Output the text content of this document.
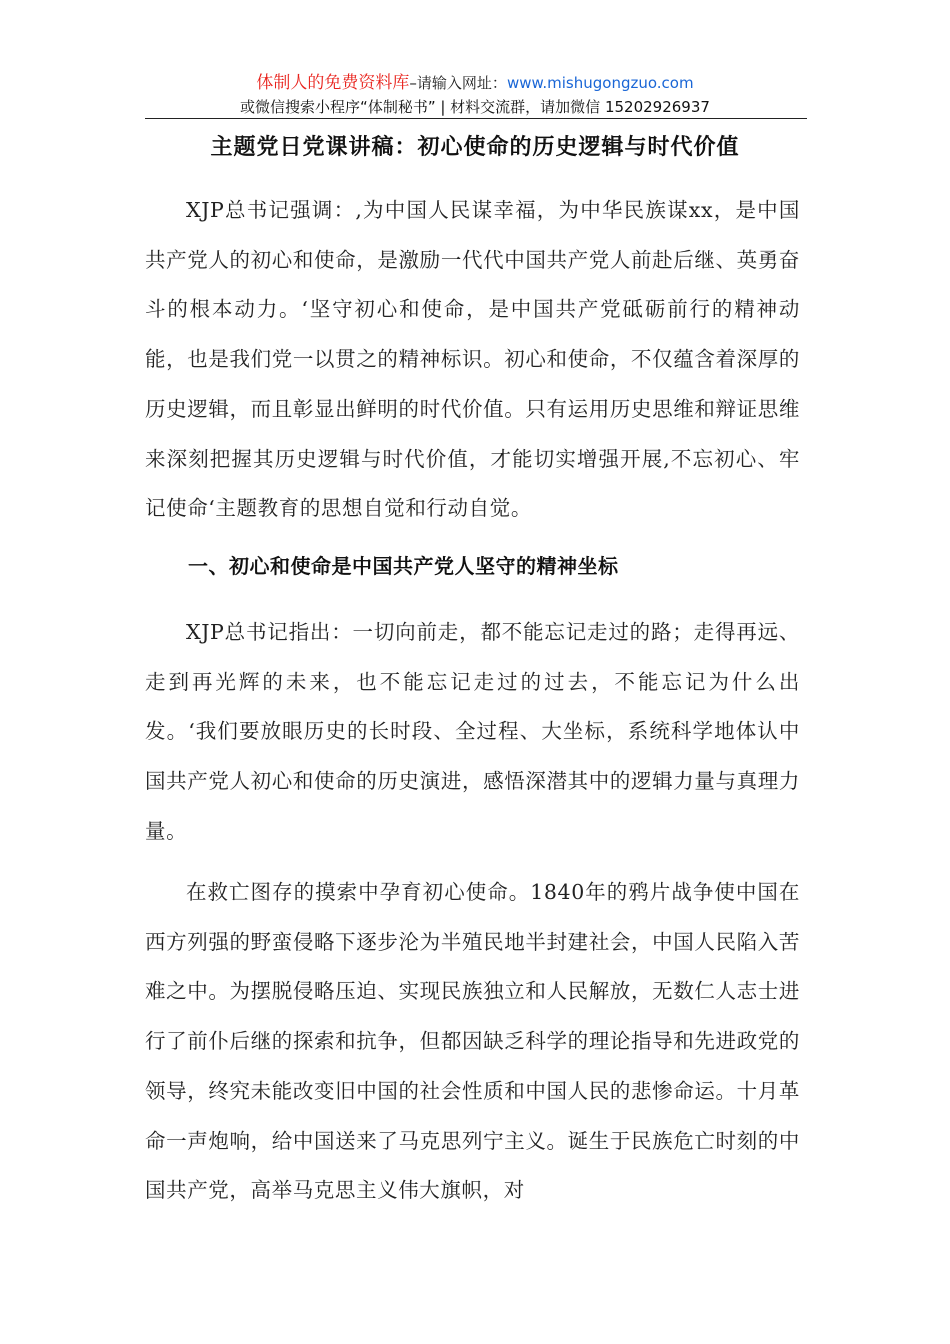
体制人的免费资料库–请输入网址：www.mishugongzuo.com
或微信搜索小程序“体制秘书” | 材料交流群，请加微信 15202926937
主题党日党课讲稿：初心使命的历史逻辑与时代价值

XJP总书记强调：,为中国人民谋幸福，为中华民族谋xx，是中国共产党人的初心和使命，是激励一代代中国共产党人前赴后继、英勇奋斗的根本动力。‘坚守初心和使命，是中国共产党砥砺前行的精神动能，也是我们党一以贯之的精神标识。初心和使命，不仅蕴含着深厚的历史逻辑，而且彰显出鲜明的时代价值。只有运用历史思维和辩证思维来深刻把握其历史逻辑与时代价值，才能切实增强开展,不忘初心、牢记使命‘主题教育的思想自觉和行动自觉。

一、初心和使命是中国共产党人坚守的精神坐标

XJP总书记指出：一切向前走，都不能忘记走过的路；走得再远、走到再光辉的未来，也不能忘记走过的过去，不能忘记为什么出发。‘我们要放眼历史的长时段、全过程、大坐标，系统科学地体认中国共产党人初心和使命的历史演进，感悟深潜其中的逻辑力量与真理力量。

在救亡图存的摸索中孕育初心使命。1840年的鸦片战争使中国在西方列强的野蛮侵略下逐步沦为半殖民地半封建社会，中国人民陷入苦难之中。为摆脱侵略压迫、实现民族独立和人民解放，无数仁人志士进行了前仆后继的探索和抗争，但都因缺乏科学的理论指导和先进政党的领导，终究未能改变旧中国的社会性质和中国人民的悲惨命运。十月革命一声炮响，给中国送来了马克思列宁主义。诞生于民族危亡时刻的中国共产党，高举马克思主义伟大旗帜，对
